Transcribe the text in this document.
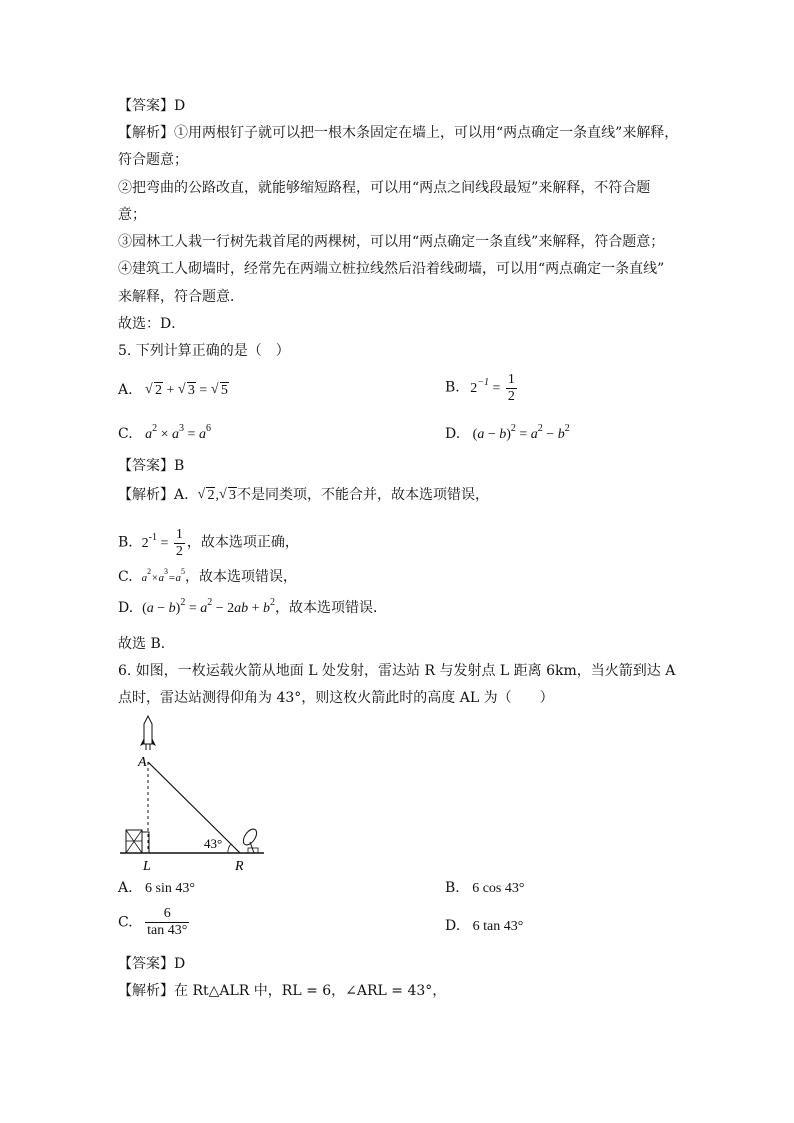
【答案】D
【解析】①用两根钉子就可以把一根木条固定在墙上，可以用“两点确定一条直线”来解释，
符合题意；
②把弯曲的公路改直，就能够缩短路程，可以用“两点之间线段最短”来解释，不符合题
意；
③园林工人栽一行树先栽首尾的两棵树，可以用“两点确定一条直线”来解释，符合题意；
④建筑工人砌墙时，经常先在两端立桩拉线然后沿着线砌墙，可以用“两点确定一条直线”
来解释，符合题意．
故选：D．
5. 下列计算正确的是（　）
A. √ 2 + √ 3 = √ 5	B. $2^{-1} = \frac{1}{2}$
C. $a^2 \times a^3 = a^6$	D. $(a - b)^2 = a^2 - b^2$
【答案】B
【解析】A.  √ 2, √ 3不是同类项，不能合并，故本选项错误，
B.  $2^{-1} = \frac{1}{2}$ ，故本选项正确，
C.  $a^2\times a^3=a^5$，故本选项错误，
D.  $(a - b)^2 = a^2 - 2ab + b^2$，故本选项错误．
故选 B．
6. 如图，一枚运载火箭从地面 L 处发射，雷达站 R 与发射点 L 距离 6km，当火箭到达 A
点时，雷达站测得仰角为 43°，则这枚火箭此时的高度 AL 为（　　）
A
L	R
43°
A. 6 sin 43°	B. 6 cos 43°
C. $\frac{6}{\tan 43^\circ}$	D. 6 tan 43°
【答案】D
【解析】在 Rt△ALR 中，RL = 6，∠ARL = 43°，
